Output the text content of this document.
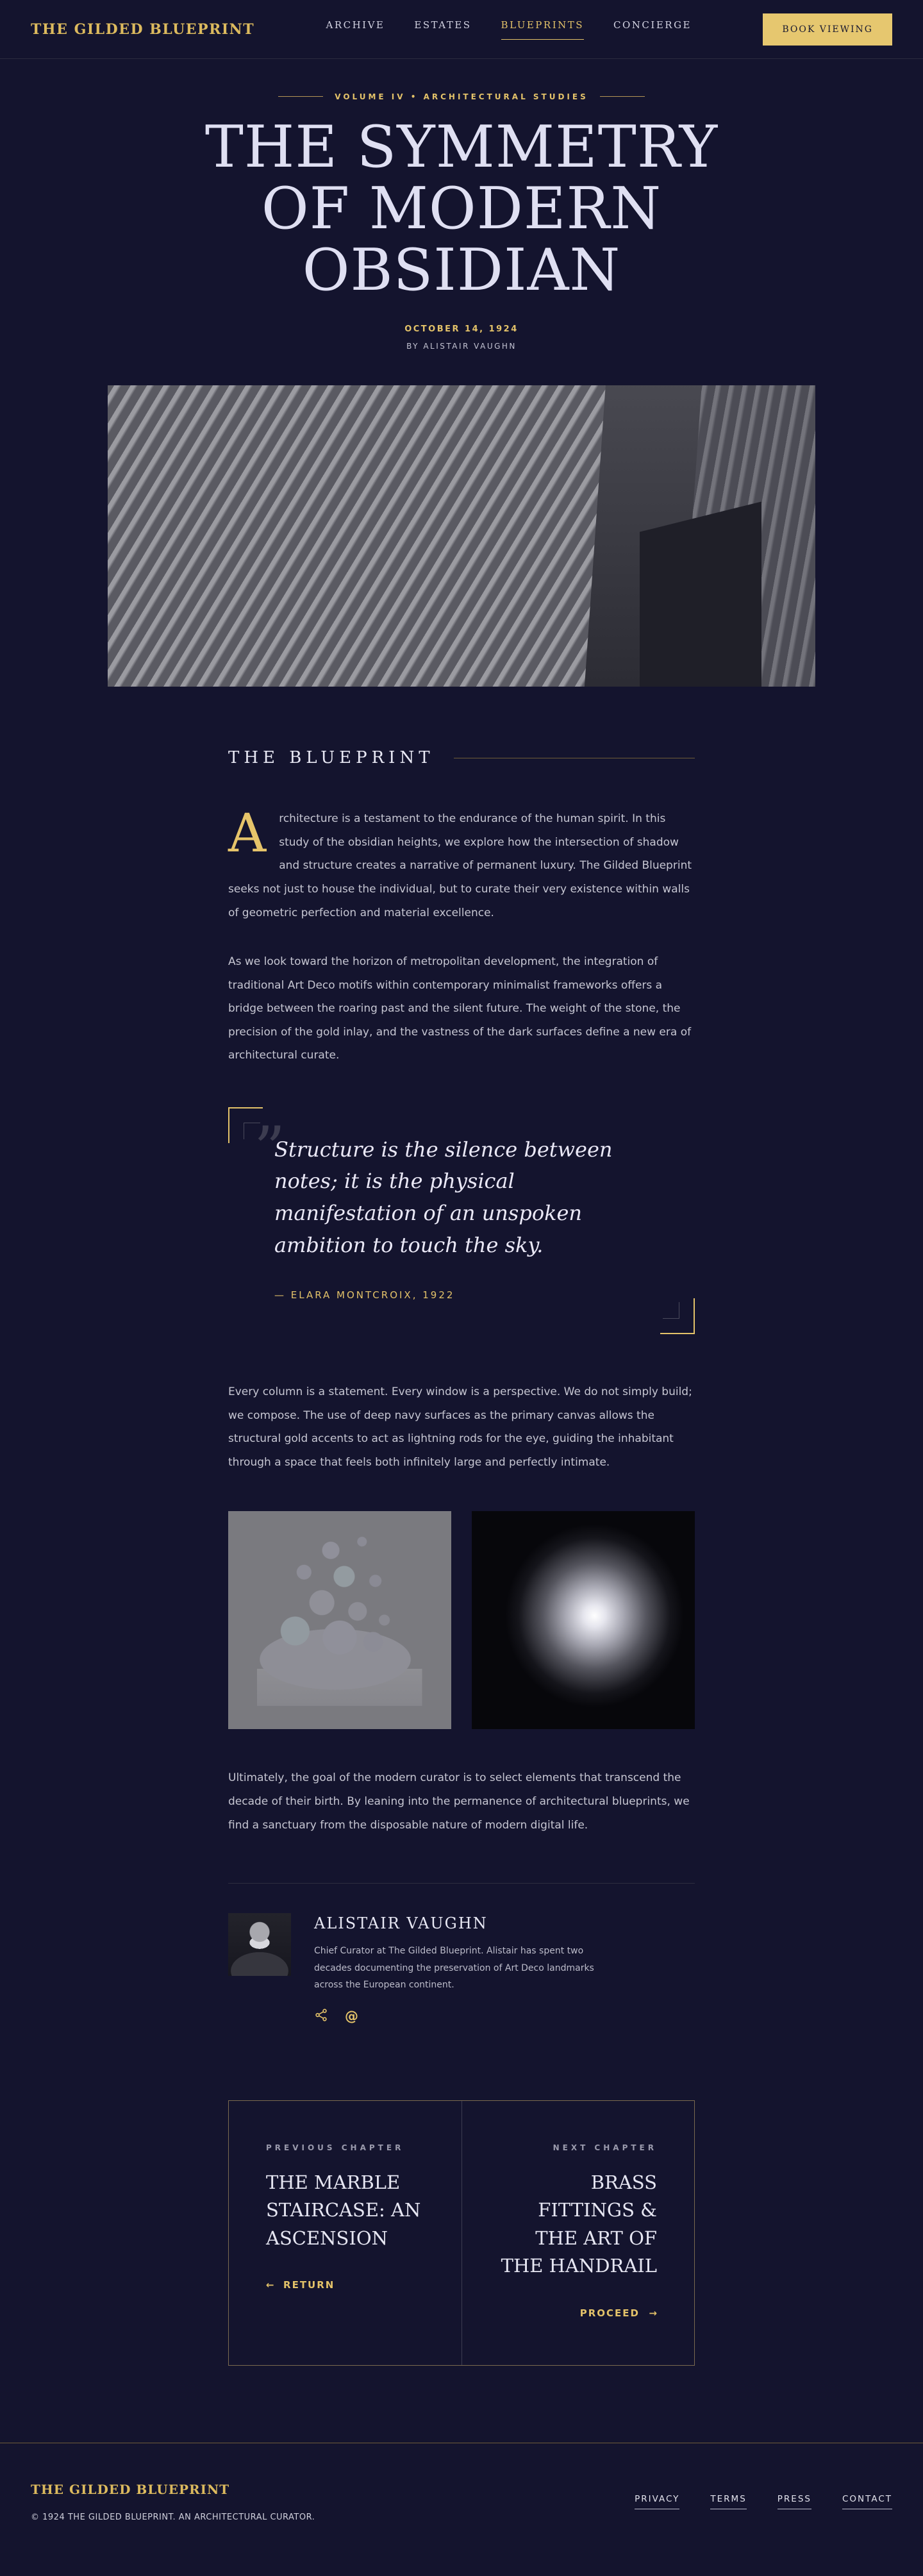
THE GILDED BLUEPRINT	ARCHIVE	ESTATES	BLUEPRINTS	CONCIERGE	BOOK VIEWING
VOLUME IV • ARCHITECTURAL STUDIES
THE SYMMETRY
OF MODERN
OBSIDIAN
OCTOBER 14, 1924
BY ALISTAIR VAUGHN
THE BLUEPRINT

A rchitecture is a testament to the endurance of the human spirit. In this study of the obsidian heights, we explore how the intersection of shadow and structure creates a narrative of permanent luxury. The Gilded Blueprint seeks not just to house the individual, but to curate their very existence within walls of geometric perfection and material excellence.

As we look toward the horizon of metropolitan development, the integration of traditional Art Deco motifs within contemporary minimalist frameworks offers a bridge between the roaring past and the silent future. The weight of the stone, the precision of the gold inlay, and the vastness of the dark surfaces define a new era of architectural curate.

”

Structure is the silence between notes; it is the physical manifestation of an unspoken ambition to touch the sky.

— ELARA MONTCROIX, 1922

Every column is a statement. Every window is a perspective. We do not simply build; we compose. The use of deep navy surfaces as the primary canvas allows the structural gold accents to act as lightning rods for the eye, guiding the inhabitant through a space that feels both infinitely large and perfectly intimate.

Ultimately, the goal of the modern curator is to select elements that transcend the decade of their birth. By leaning into the permanence of architectural blueprints, we find a sanctuary from the disposable nature of modern digital life.

ALISTAIR VAUGHN

Chief Curator at The Gilded Blueprint. Alistair has spent two decades documenting the preservation of Art Deco landmarks across the European continent.

@
PREVIOUS CHAPTER
THE MARBLE STAIRCASE: AN ASCENSION
← RETURN
NEXT CHAPTER
BRASS FITTINGS & THE ART OF THE HANDRAIL
PROCEED →
THE GILDED BLUEPRINT
© 1924 THE GILDED BLUEPRINT. AN ARCHITECTURAL CURATOR.
PRIVACY	TERMS	PRESS	CONTACT
